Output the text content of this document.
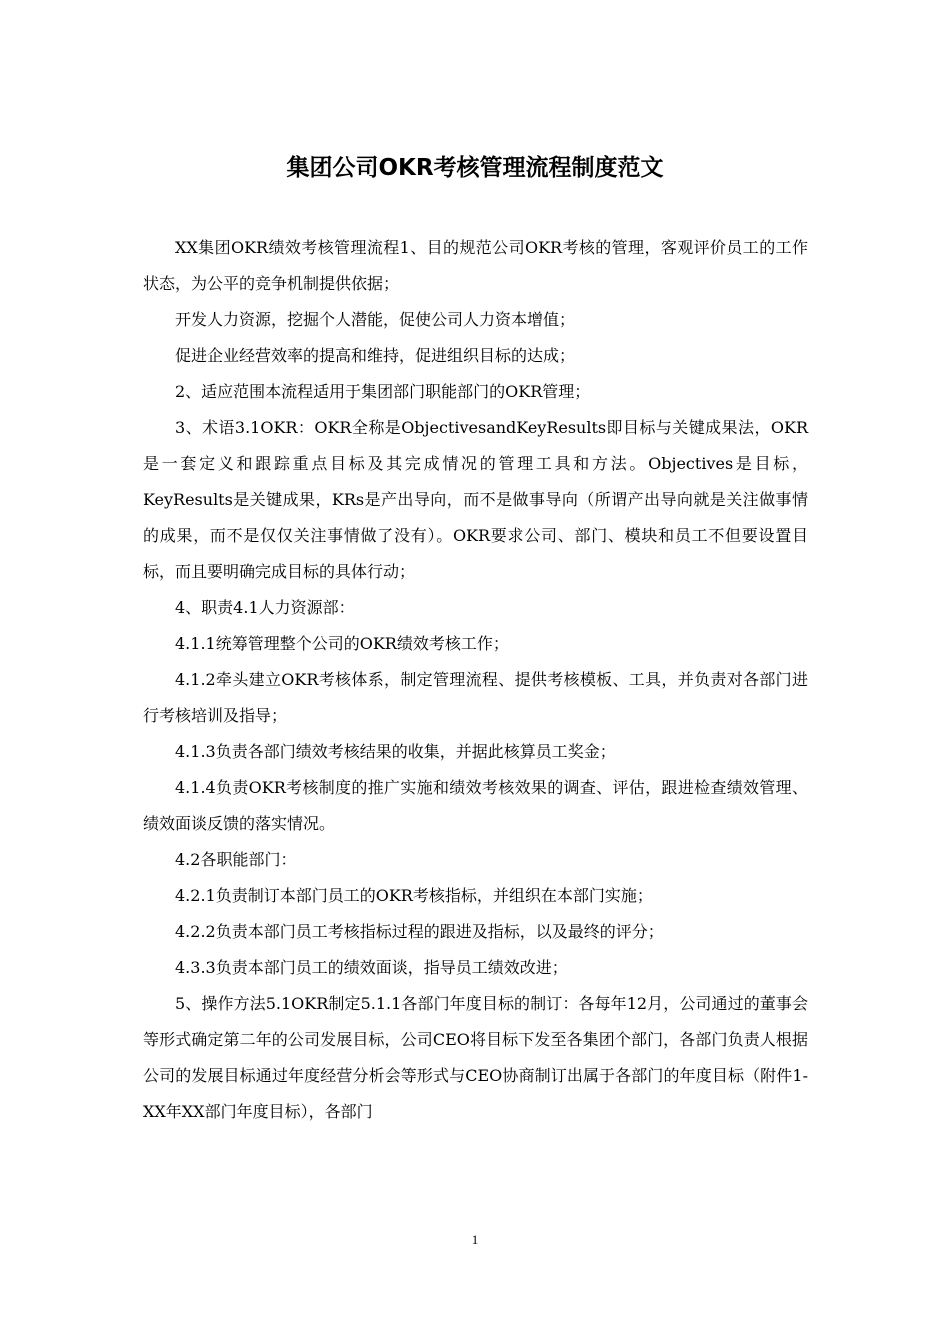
集团公司OKR考核管理流程制度范文

XX集团OKR绩效考核管理流程1、目的规范公司OKR考核的管理，客观评价员工的工作状态，为公平的竞争机制提供依据；

开发人力资源，挖掘个人潜能，促使公司人力资本增值；

促进企业经营效率的提高和维持，促进组织目标的达成；

2、适应范围本流程适用于集团部门职能部门的OKR管理；

3、术语3.1OKR：OKR全称是ObjectivesandKeyResults即目标与关键成果法，OKR是一套定义和跟踪重点目标及其完成情况的管理工具和方法。Objectives是目标，KeyResults是关键成果，KRs是产出导向，而不是做事导向（所谓产出导向就是关注做事情的成果，而不是仅仅关注事情做了没有）。OKR要求公司、部门、模块和员工不但要设置目标，而且要明确完成目标的具体行动；

4、职责4.1人力资源部：

4.1.1统筹管理整个公司的OKR绩效考核工作；

4.1.2牵头建立OKR考核体系，制定管理流程、提供考核模板、工具，并负责对各部门进行考核培训及指导；

4.1.3负责各部门绩效考核结果的收集，并据此核算员工奖金；

4.1.4负责OKR考核制度的推广实施和绩效考核效果的调查、评估，跟进检查绩效管理、绩效面谈反馈的落实情况。

4.2各职能部门：

4.2.1负责制订本部门员工的OKR考核指标，并组织在本部门实施；

4.2.2负责本部门员工考核指标过程的跟进及指标，以及最终的评分；

4.3.3负责本部门员工的绩效面谈，指导员工绩效改进；

5、操作方法5.1OKR制定5.1.1各部门年度目标的制订：各每年12月，公司通过的董事会等形式确定第二年的公司发展目标，公司CEO将目标下发至各集团个部门，各部门负责人根据公司的发展目标通过年度经营分析会等形式与CEO协商制订出属于各部门的年度目标（附件1-XX年XX部门年度目标），各部门

1
